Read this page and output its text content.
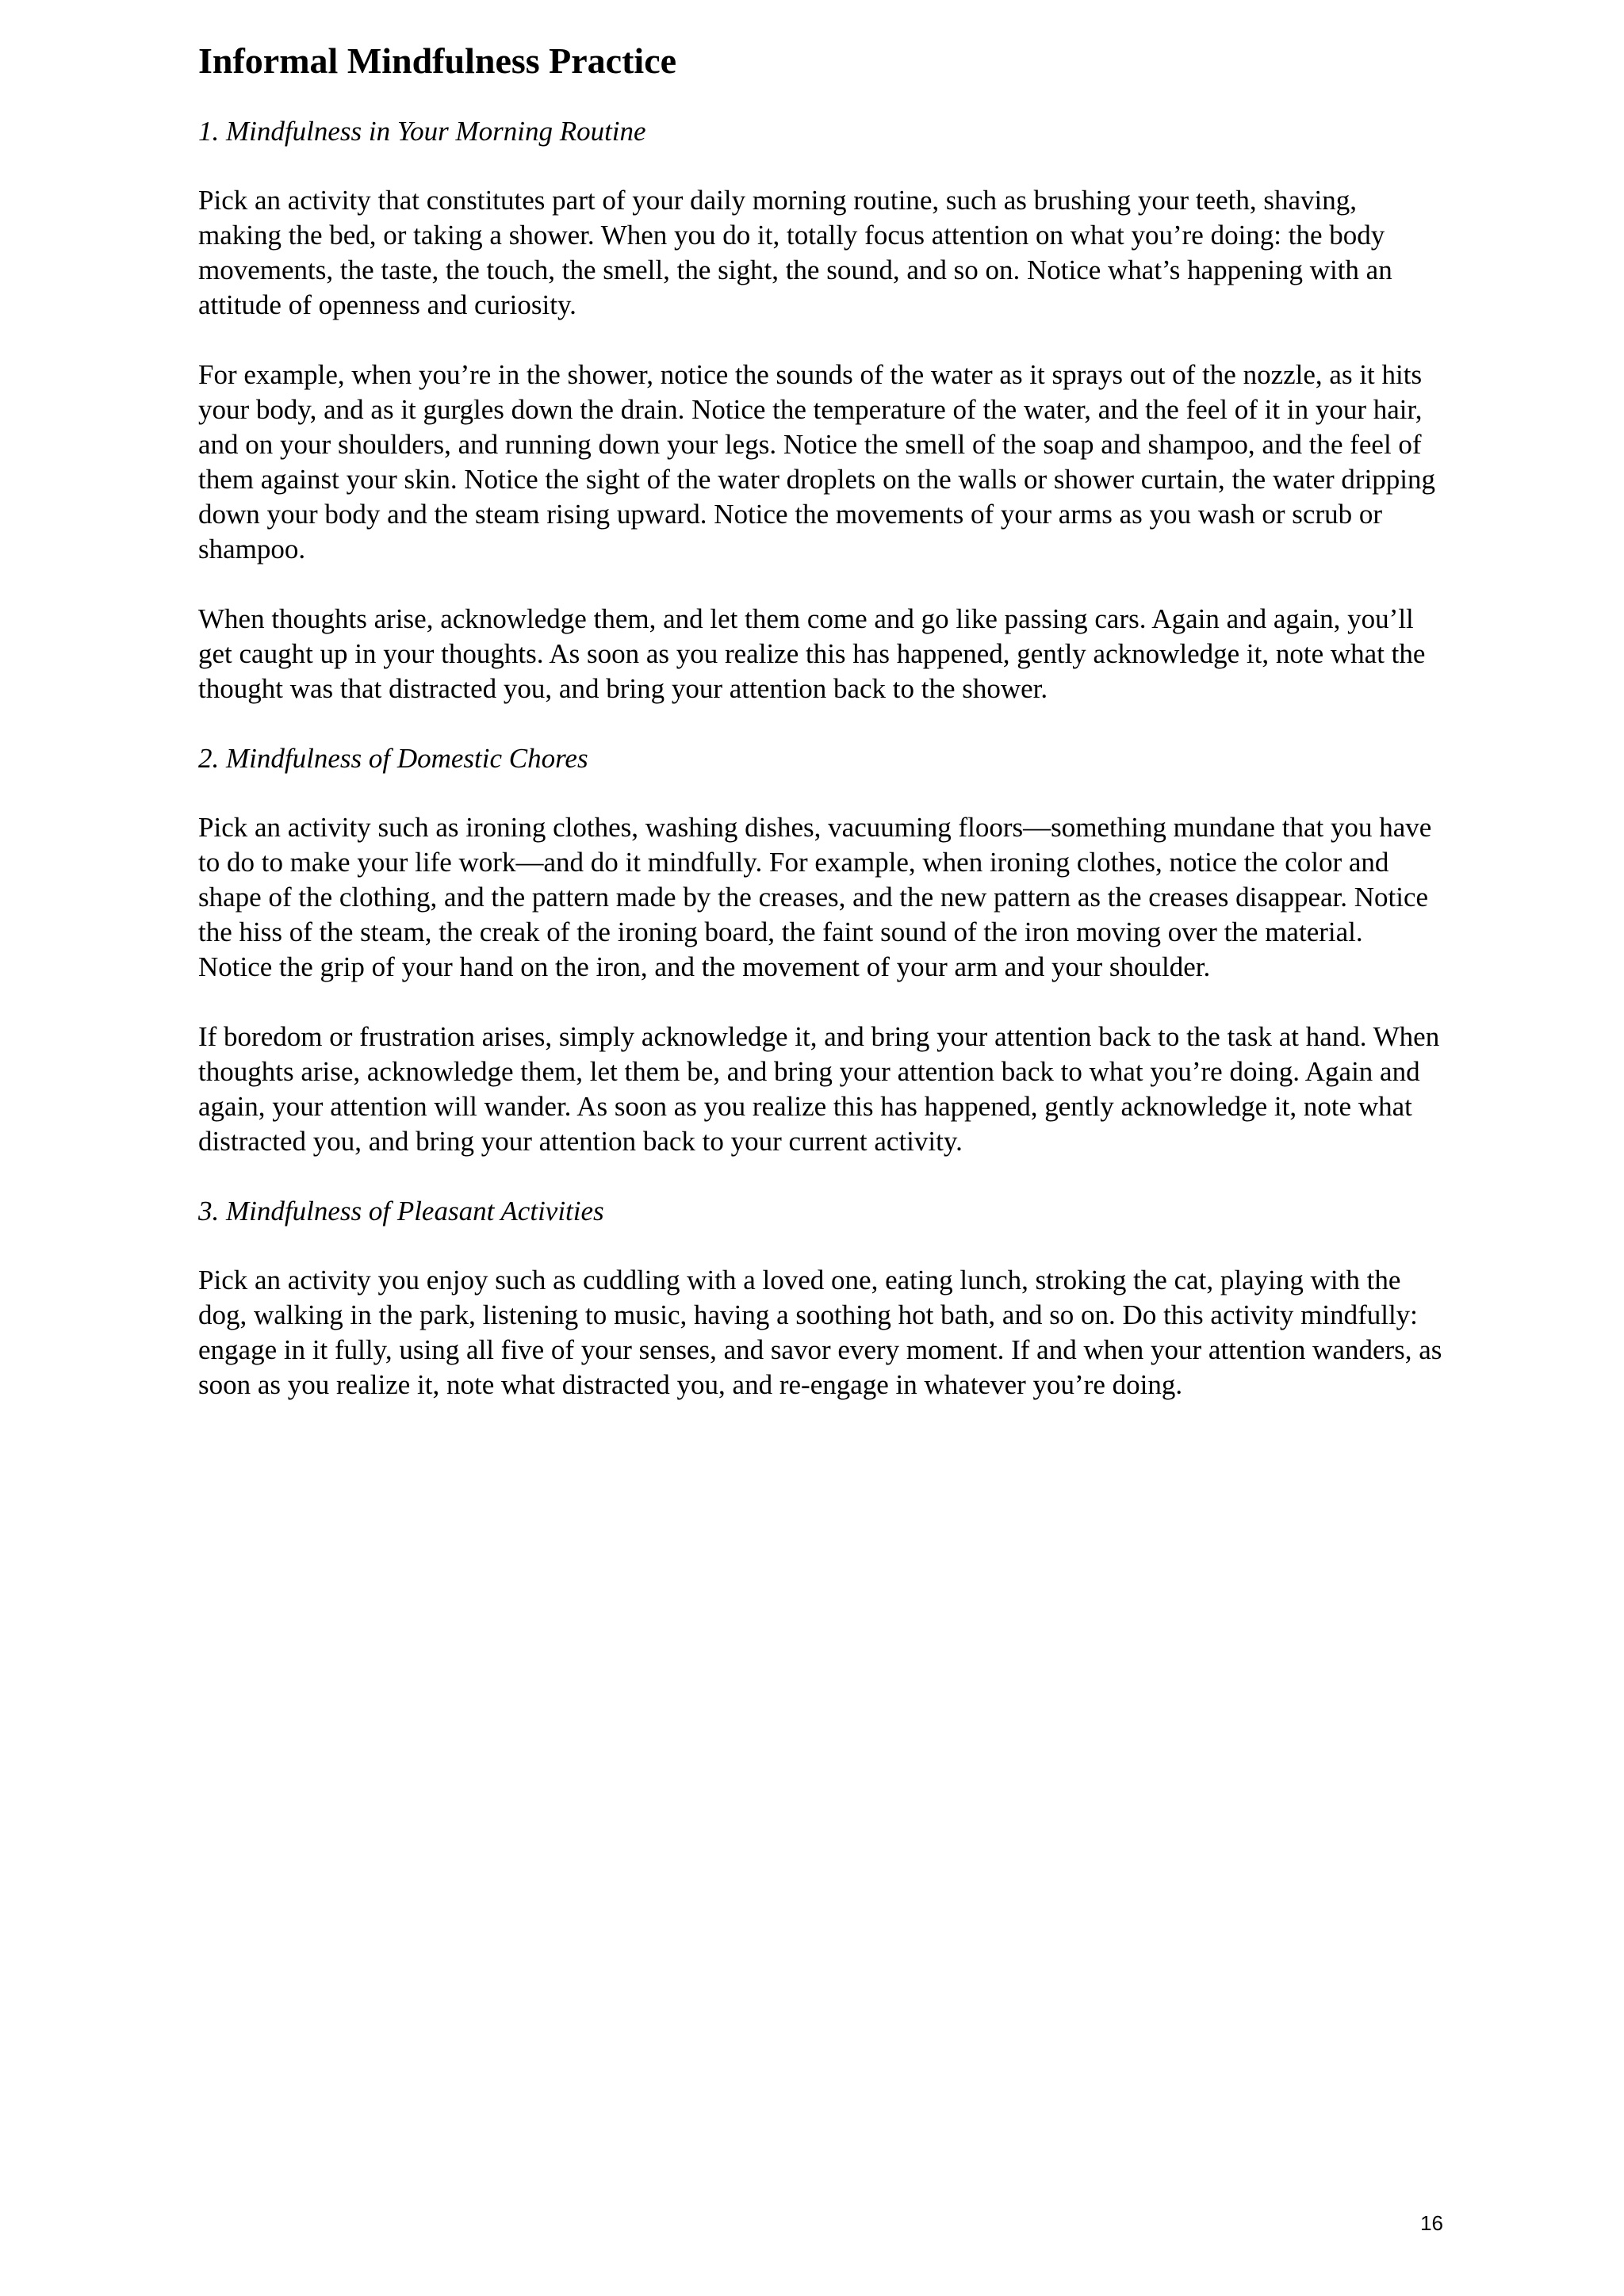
Informal Mindfulness Practice

1. Mindfulness in Your Morning Routine

Pick an activity that constitutes part of your daily morning routine, such as brushing your teeth, shaving, making the bed, or taking a shower. When you do it, totally focus attention on what you’re doing: the body movements, the taste, the touch, the smell, the sight, the sound, and so on. Notice what’s happening with an attitude of openness and curiosity.

For example, when you’re in the shower, notice the sounds of the water as it sprays out of the nozzle, as it hits your body, and as it gurgles down the drain. Notice the temperature of the water, and the feel of it in your hair, and on your shoulders, and running down your legs. Notice the smell of the soap and shampoo, and the feel of them against your skin. Notice the sight of the water droplets on the walls or shower curtain, the water dripping down your body and the steam rising upward. Notice the movements of your arms as you wash or scrub or shampoo.

When thoughts arise, acknowledge them, and let them come and go like passing cars. Again and again, you’ll get caught up in your thoughts. As soon as you realize this has happened, gently acknowledge it, note what the thought was that distracted you, and bring your attention back to the shower.

2. Mindfulness of Domestic Chores

Pick an activity such as ironing clothes, washing dishes, vacuuming floors—something mundane that you have to do to make your life work—and do it mindfully. For example, when ironing clothes, notice the color and shape of the clothing, and the pattern made by the creases, and the new pattern as the creases disappear. Notice the hiss of the steam, the creak of the ironing board, the faint sound of the iron moving over the material. Notice the grip of your hand on the iron, and the movement of your arm and your shoulder.

If boredom or frustration arises, simply acknowledge it, and bring your attention back to the task at hand. When thoughts arise, acknowledge them, let them be, and bring your attention back to what you’re doing. Again and again, your attention will wander. As soon as you realize this has happened, gently acknowledge it, note what distracted you, and bring your attention back to your current activity.

3. Mindfulness of Pleasant Activities

Pick an activity you enjoy such as cuddling with a loved one, eating lunch, stroking the cat, playing with the dog, walking in the park, listening to music, having a soothing hot bath, and so on. Do this activity mindfully: engage in it fully, using all five of your senses, and savor every moment. If and when your attention wanders, as soon as you realize it, note what distracted you, and re-engage in whatever you’re doing.

16
